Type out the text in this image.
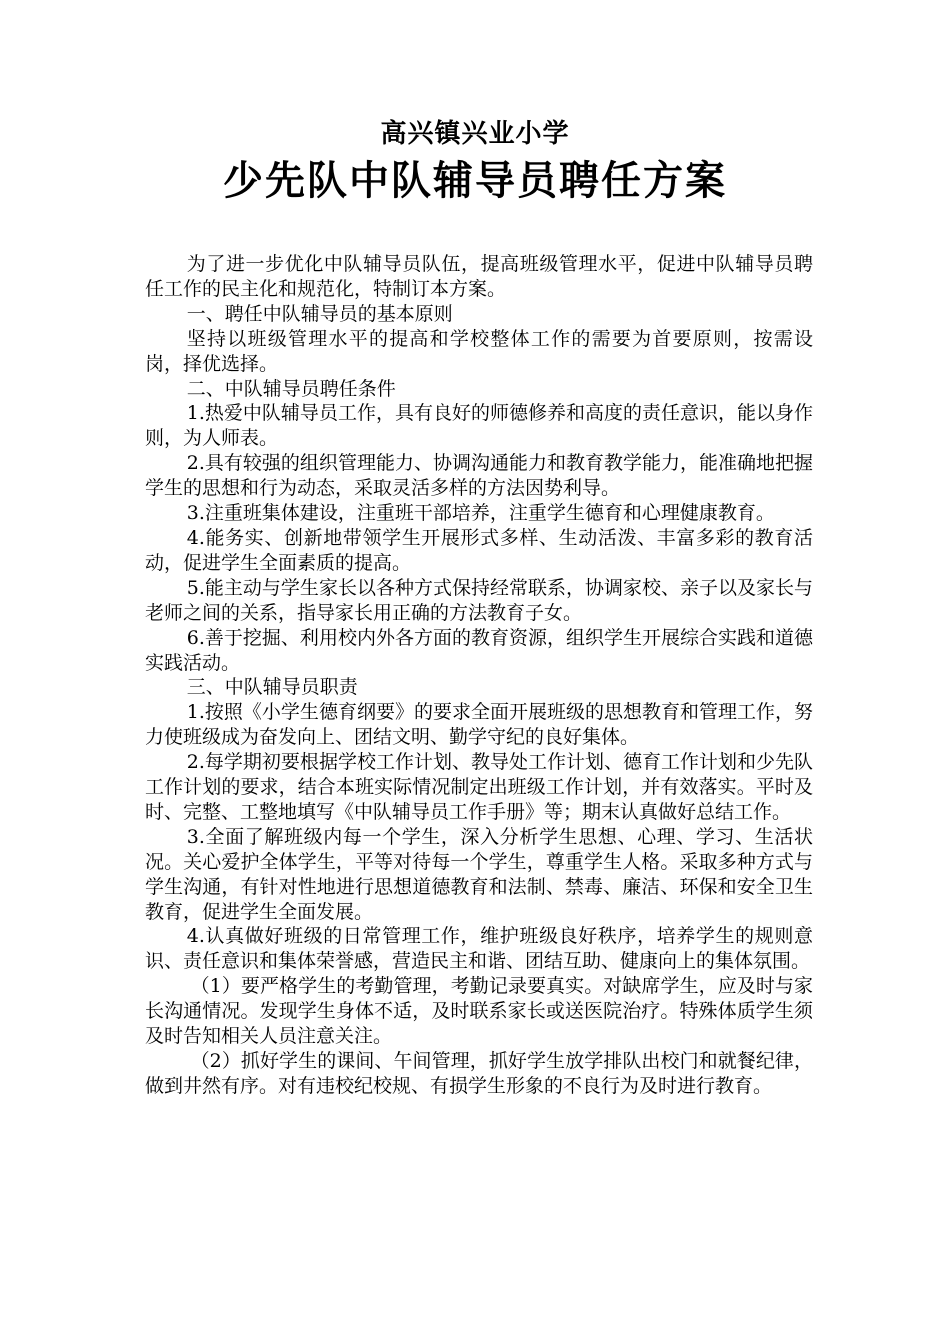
高兴镇兴业小学
少先队中队辅导员聘任方案

为了进一步优化中队辅导员队伍，提高班级管理水平，促进中队辅导员聘任工作的民主化和规范化，特制订本方案。

一、聘任中队辅导员的基本原则

坚持以班级管理水平的提高和学校整体工作的需要为首要原则，按需设岗，择优选择。

二、中队辅导员聘任条件

1.热爱中队辅导员工作，具有良好的师德修养和高度的责任意识，能以身作则，为人师表。

2.具有较强的组织管理能力、协调沟通能力和教育教学能力，能准确地把握学生的思想和行为动态，采取灵活多样的方法因势利导。

3.注重班集体建设，注重班干部培养，注重学生德育和心理健康教育。

4.能务实、创新地带领学生开展形式多样、生动活泼、丰富多彩的教育活动，促进学生全面素质的提高。

5.能主动与学生家长以各种方式保持经常联系，协调家校、亲子以及家长与老师之间的关系，指导家长用正确的方法教育子女。

6.善于挖掘、利用校内外各方面的教育资源，组织学生开展综合实践和道德实践活动。

三、中队辅导员职责

1.按照《小学生德育纲要》的要求全面开展班级的思想教育和管理工作，努力使班级成为奋发向上、团结文明、勤学守纪的良好集体。

2.每学期初要根据学校工作计划、教导处工作计划、德育工作计划和少先队工作计划的要求，结合本班实际情况制定出班级工作计划，并有效落实。平时及时、完整、工整地填写《中队辅导员工作手册》等；期末认真做好总结工作。

3.全面了解班级内每一个学生，深入分析学生思想、心理、学习、生活状况。关心爱护全体学生，平等对待每一个学生，尊重学生人格。采取多种方式与学生沟通，有针对性地进行思想道德教育和法制、禁毒、廉洁、环保和安全卫生教育，促进学生全面发展。

4.认真做好班级的日常管理工作，维护班级良好秩序，培养学生的规则意识、责任意识和集体荣誉感，营造民主和谐、团结互助、健康向上的集体氛围。

（1）要严格学生的考勤管理，考勤记录要真实。对缺席学生，应及时与家长沟通情况。发现学生身体不适，及时联系家长或送医院治疗。特殊体质学生须及时告知相关人员注意关注。

（2）抓好学生的课间、午间管理，抓好学生放学排队出校门和就餐纪律，做到井然有序。对有违校纪校规、有损学生形象的不良行为及时进行教育。
